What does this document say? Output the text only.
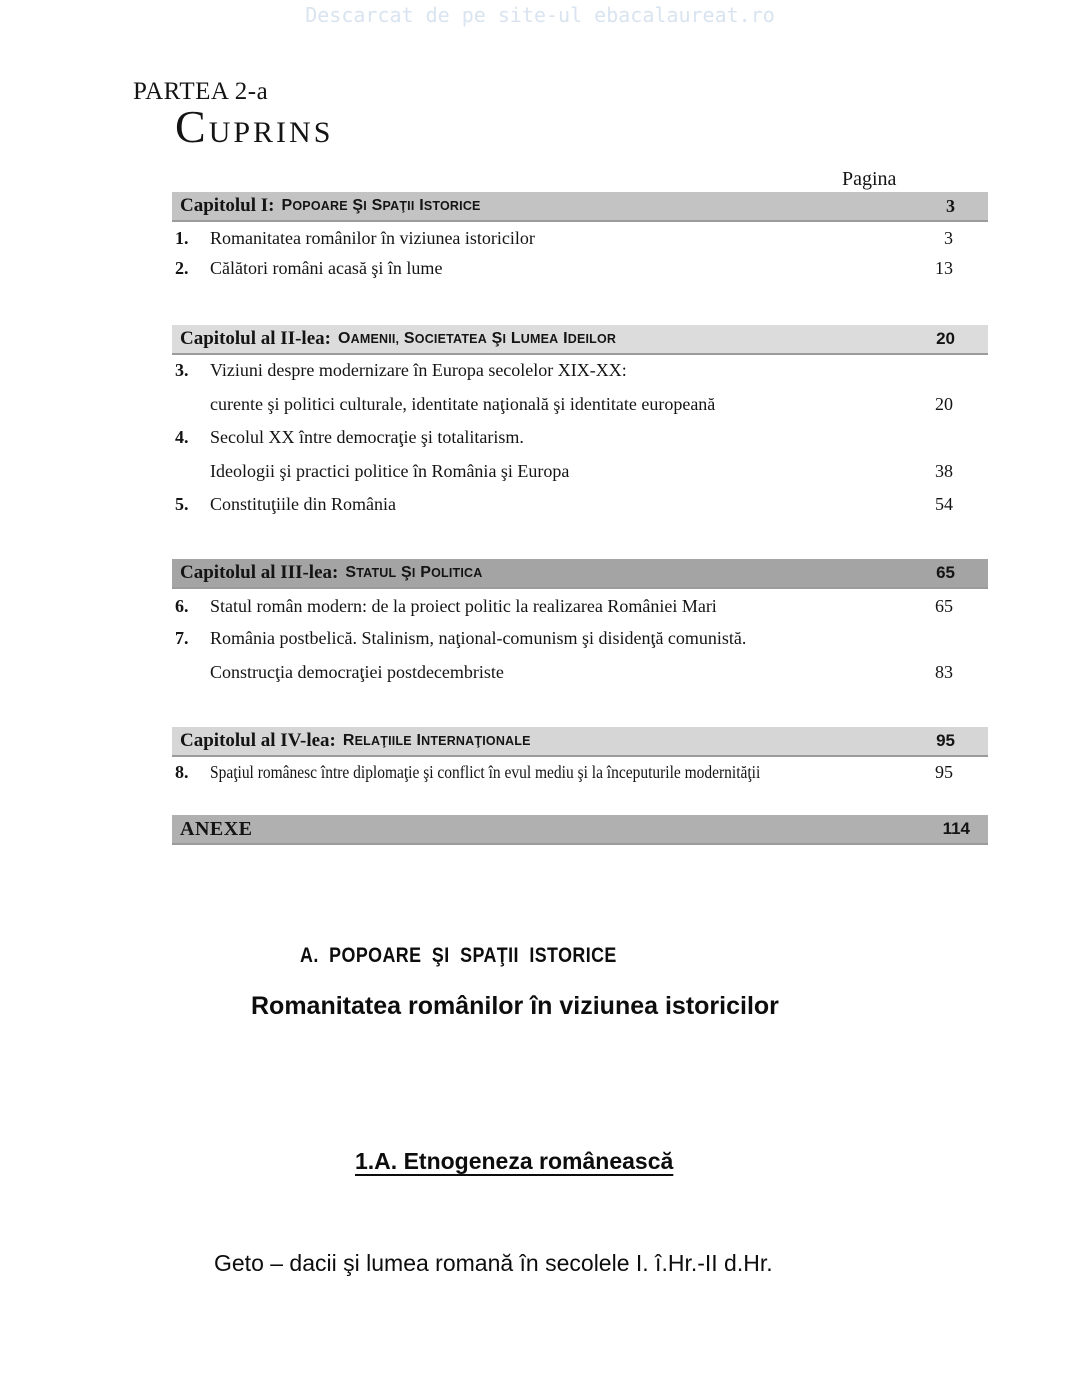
Descarcat de pe site-ul ebacalaureat.ro
PARTEA 2-a
CUPRINS
Pagina
Capitolul I: POPOARE ŞI SPAŢII ISTORICE	3
1. Romanitatea românilor în viziunea istoricilor	3
2. Călători români acasă şi în lume	13
Capitolul al II-lea: OAMENII, SOCIETATEA ŞI LUMEA IDEILOR	20
3. Viziuni despre modernizare în Europa secolelor XIX-XX:
curente şi politici culturale, identitate naţională şi identitate europeană	20
4. Secolul XX între democraţie şi totalitarism.
Ideologii şi practici politice în România şi Europa	38
5. Constituţiile din România	54
Capitolul al III-lea: STATUL ŞI POLITICA	65
6. Statul român modern: de la proiect politic la realizarea României Mari	65
7. România postbelică. Stalinism, naţional-comunism şi disidenţă comunistă.
Construcţia democraţiei postdecembriste	83
Capitolul al IV-lea: RELAŢIILE INTERNAŢIONALE	95
8. Spaţiul românesc între diplomaţie şi conflict în evul mediu şi la începuturile modernităţii	95
ANEXE	114
A. POPOARE ŞI SPAŢII ISTORICE
Romanitatea românilor în viziunea istoricilor
1.A. Etnogeneza românească
Geto – dacii şi lumea romană în secolele I. î.Hr.-II d.Hr.
